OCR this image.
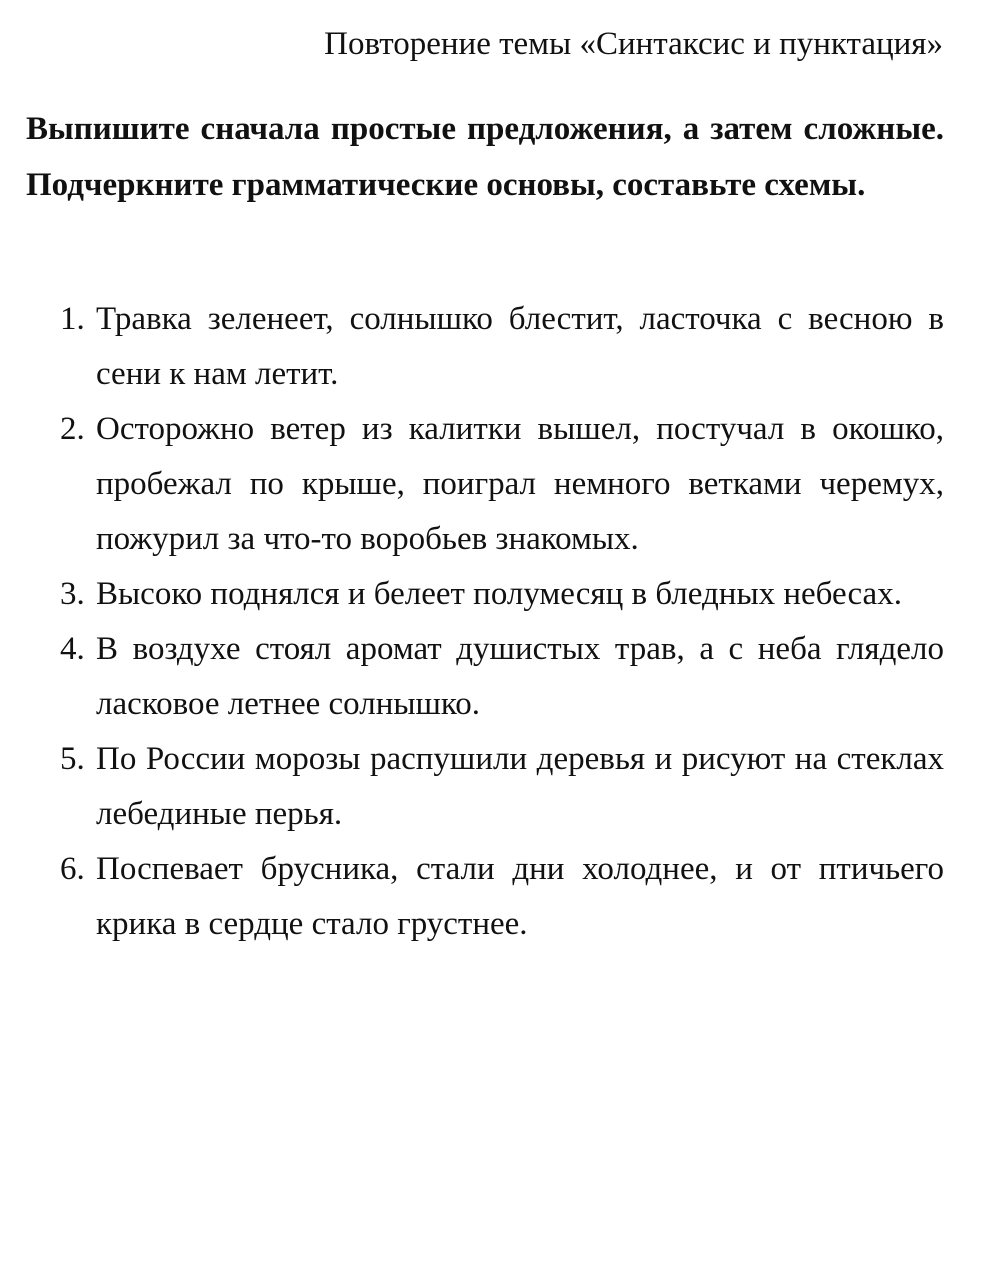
Повторение темы «Синтаксис и пунктация»

Выпишите сначала простые предложения, а затем сложные. Подчеркните грамматические основы, составьте схемы.

1. Травка зеленеет, солнышко блестит, ласточка с весною в сени к нам летит.
2. Осторожно ветер из калитки вышел, постучал в окошко, пробежал по крыше, поиграл немного ветками черемух, пожурил за что-то воробьев знакомых.
3. Высоко поднялся и белеет полумесяц в бледных небесах.
4. В воздухе стоял аромат душистых трав, а с неба глядело ласковое летнее солнышко.
5. По России морозы распушили деревья и рисуют на стеклах лебединые перья.
6. Поспевает брусника, стали дни холоднее, и от птичьего крика в сердце стало грустнее.
